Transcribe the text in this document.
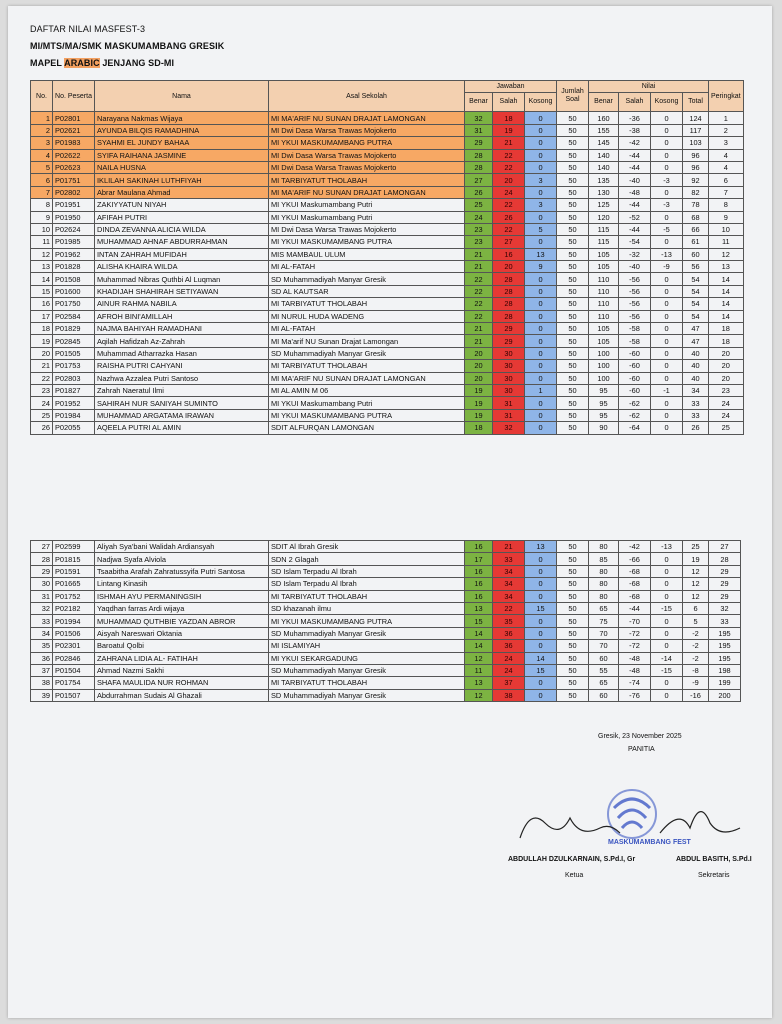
DAFTAR NILAI MASFEST-3
MI/MTS/MA/SMK MASKUMAMBANG GRESIK
MAPEL ARABIC JENJANG SD-MI
No.	No. Peserta	Nama	Asal Sekolah	Jawaban			Jumlah Soal	Nilai				Peringkat
				Benar	Salah	Kosong		Benar	Salah	Kosong	Total	
1	P02801	Narayana Nakmas Wijaya	MI MA'ARIF NU SUNAN DRAJAT LAMONGAN	32	18	0	50	160	-36	0	124	1
2	P02621	AYUNDA BILQIS RAMADHINA	MI Dwi Dasa Warsa Trawas Mojokerto	31	19	0	50	155	-38	0	117	2
3	P01983	SYAHMI EL JUNDY BAHAA	MI YKUI MASKUMAMBANG PUTRA	29	21	0	50	145	-42	0	103	3
4	P02622	SYIFA RAIHANA JASMINE	MI Dwi Dasa Warsa Trawas Mojokerto	28	22	0	50	140	-44	0	96	4
5	P02623	NAILA HUSNA	MI Dwi Dasa Warsa Trawas Mojokerto	28	22	0	50	140	-44	0	96	4
6	P01751	IKLILAH SAKINAH LUTHFIYAH	MI TARBIYATUT THOLABAH	27	20	3	50	135	-40	-3	92	6
7	P02802	Abrar Maulana Ahmad	MI MA'ARIF NU SUNAN DRAJAT LAMONGAN	26	24	0	50	130	-48	0	82	7
8	P01951	ZAKIYYATUN NIYAH	MI YKUI Maskumambang Putri	25	22	3	50	125	-44	-3	78	8
9	P01950	AFIFAH PUTRI	MI YKUI Maskumambang Putri	24	26	0	50	120	-52	0	68	9
10	P02624	DINDA ZEVANNA ALICIA WILDA	MI Dwi Dasa Warsa Trawas Mojokerto	23	22	5	50	115	-44	-5	66	10
11	P01985	MUHAMMAD AHNAF ABDURRAHMAN	MI YKUI MASKUMAMBANG PUTRA	23	27	0	50	115	-54	0	61	11
12	P01962	INTAN ZAHRAH MUFIDAH	MIS MAMBAUL ULUM	21	16	13	50	105	-32	-13	60	12
13	P01828	ALISHA KHAIRA WILDA	MI AL-FATAH	21	20	9	50	105	-40	-9	56	13
14	P01508	Muhammad Nibras Quthbi Al Luqman	SD Muhammadiyah Manyar Gresik	22	28	0	50	110	-56	0	54	14
15	P01600	KHADIJAH SHAHIRAH SETIYAWAN	SD AL KAUTSAR	22	28	0	50	110	-56	0	54	14
16	P01750	AINUR RAHMA NABILA	MI TARBIYATUT THOLABAH	22	28	0	50	110	-56	0	54	14
17	P02584	AFROH BINI'AMILLAH	MI NURUL HUDA WADENG	22	28	0	50	110	-56	0	54	14
18	P01829	NAJMA BAHIYAH RAMADHANI	MI AL-FATAH	21	29	0	50	105	-58	0	47	18
19	P02845	Aqilah Hafidzah Az-Zahrah	MI Ma'arif NU Sunan Drajat Lamongan	21	29	0	50	105	-58	0	47	18
20	P01505	Muhammad Atharrazka Hasan	SD Muhammadiyah Manyar Gresik	20	30	0	50	100	-60	0	40	20
21	P01753	RAISHA PUTRI CAHYANI	MI TARBIYATUT THOLABAH	20	30	0	50	100	-60	0	40	20
22	P02803	Nazhwa Azzalea Putri Santoso	MI MA'ARIF NU SUNAN DRAJAT LAMONGAN	20	30	0	50	100	-60	0	40	20
23	P01827	Zahrah Naeratul Ilmi	MI AL AMIN M 06	19	30	1	50	95	-60	-1	34	23
24	P01952	SAHIRAH NUR SANIYAH SUMINTO	MI YKUI Maskumambang Putri	19	31	0	50	95	-62	0	33	24
25	P01984	MUHAMMAD ARGATAMA IRAWAN	MI YKUI MASKUMAMBANG PUTRA	19	31	0	50	95	-62	0	33	24
26	P02055	AQEELA PUTRI AL AMIN	SDIT ALFURQAN LAMONGAN	18	32	0	50	90	-64	0	26	25
27	P02599	Aliyah Sya'bani Walidah Ardiansyah	SDIT Al Ibrah Gresik	16	21	13	50	80	-42	-13	25	27
28	P01815	Nadjwa Syafa Alviola	SDN 2 Glagah	17	33	0	50	85	-66	0	19	28
29	P01591	Tsaabitha Arafah Zahratussyifa Putri Santosa	SD Islam Terpadu Al Ibrah	16	34	0	50	80	-68	0	12	29
30	P01665	Lintang Kinasih	SD Islam Terpadu Al Ibrah	16	34	0	50	80	-68	0	12	29
31	P01752	ISHMAH AYU PERMANINGSIH	MI TARBIYATUT THOLABAH	16	34	0	50	80	-68	0	12	29
32	P02182	Yaqdhan farras Ardi wijaya	SD khazanah ilmu	13	22	15	50	65	-44	-15	6	32
33	P01994	MUHAMMAD QUTHBIE YAZDAN ABROR	MI YKUI MASKUMAMBANG PUTRA	15	35	0	50	75	-70	0	5	33
34	P01506	Aisyah Nareswari Oktania	SD Muhammadiyah Manyar Gresik	14	36	0	50	70	-72	0	-2	195
35	P02301	Baroatul Qolbi	MI ISLAMIYAH	14	36	0	50	70	-72	0	-2	195
36	P02846	ZAHRANA LIDIA AL- FATIHAH	MI YKUI SEKARGADUNG	12	24	14	50	60	-48	-14	-2	195
37	P01504	Ahmad Nazmi Sakhi	SD Muhammadiyah Manyar Gresik	11	24	15	50	55	-48	-15	-8	198
38	P01754	SHAFA MAULIDA NUR ROHMAN	MI TARBIYATUT THOLABAH	13	37	0	50	65	-74	0	-9	199
39	P01507	Abdurrahman Sudais Al Ghazali	SD Muhammadiyah Manyar Gresik	12	38	0	50	60	-76	0	-16	200
Gresik, 23 November 2025
PANITIA
MASKUMAMBANG FEST
ABDULLAH DZULKARNAIN, S.Pd.I, Gr	ABDUL BASITH, S.Pd.I
Ketua	Sekretaris
